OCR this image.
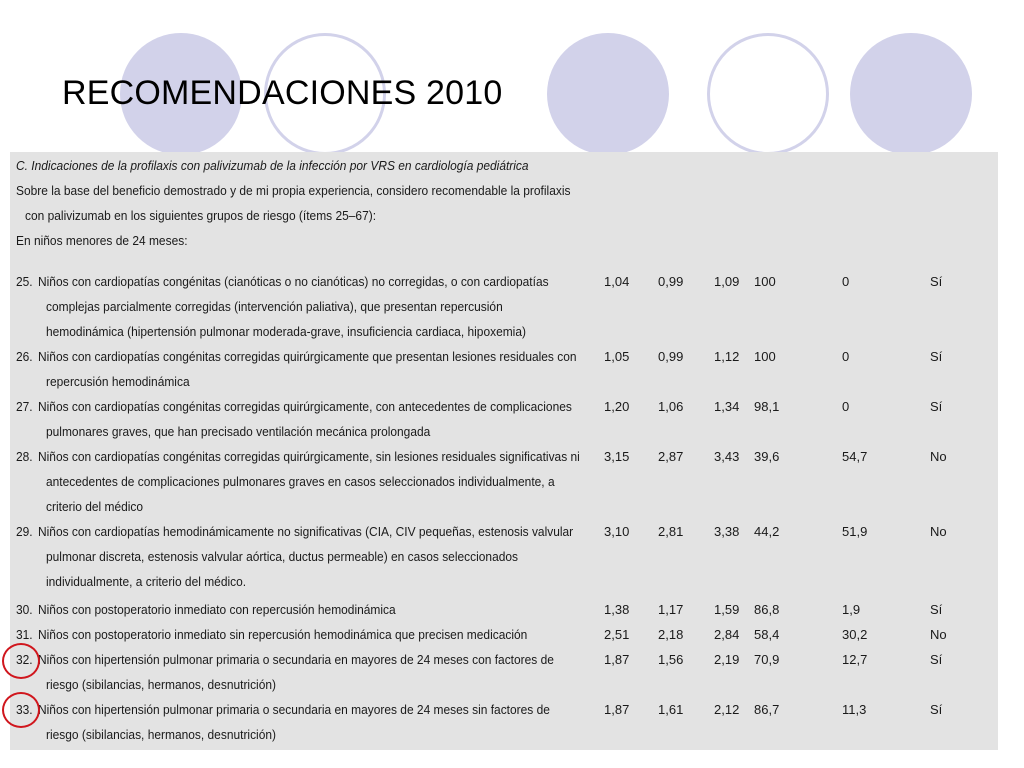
RECOMENDACIONES 2010
C. Indicaciones de la profilaxis con palivizumab de la infección por VRS en cardiología pediátrica
Sobre la base del beneficio demostrado y de mi propia experiencia, considero recomendable la profilaxis
con palivizumab en los siguientes grupos de riesgo (ítems 25–67):
En niños menores de 24 meses:
25. Niños con cardiopatías congénitas (cianóticas o no cianóticas) no corregidas, o con cardiopatías
complejas parcialmente corregidas (intervención paliativa), que presentan repercusión
hemodinámica (hipertensión pulmonar moderada-grave, insuficiencia cardiaca, hipoxemia)
1,04 0,99 1,09 100	0	Sí
26. Niños con cardiopatías congénitas corregidas quirúrgicamente que presentan lesiones residuales con
repercusión hemodinámica
1,05 0,99 1,12 100	0	Sí
27. Niños con cardiopatías congénitas corregidas quirúrgicamente, con antecedentes de complicaciones
pulmonares graves, que han precisado ventilación mecánica prolongada
1,20 1,06 1,34 98,1	0	Sí
28. Niños con cardiopatías congénitas corregidas quirúrgicamente, sin lesiones residuales significativas ni
antecedentes de complicaciones pulmonares graves en casos seleccionados individualmente, a
criterio del médico
3,15 2,87 3,43 39,6	54,7	No
29. Niños con cardiopatías hemodinámicamente no significativas (CIA, CIV pequeñas, estenosis valvular
pulmonar discreta, estenosis valvular aórtica, ductus permeable) en casos seleccionados
individualmente, a criterio del médico.
3,10 2,81 3,38 44,2	51,9	No
30. Niños con postoperatorio inmediato con repercusión hemodinámica	1,38 1,17 1,59 86,8	1,9	Sí
31. Niños con postoperatorio inmediato sin repercusión hemodinámica que precisen medicación	2,51 2,18 2,84 58,4	30,2	No
32. Niños con hipertensión pulmonar primaria o secundaria en mayores de 24 meses con factores de
riesgo (sibilancias, hermanos, desnutrición)
1,87 1,56 2,19 70,9	12,7	Sí
33. Niños con hipertensión pulmonar primaria o secundaria en mayores de 24 meses sin factores de
riesgo (sibilancias, hermanos, desnutrición)
1,87 1,61 2,12 86,7	11,3	Sí
